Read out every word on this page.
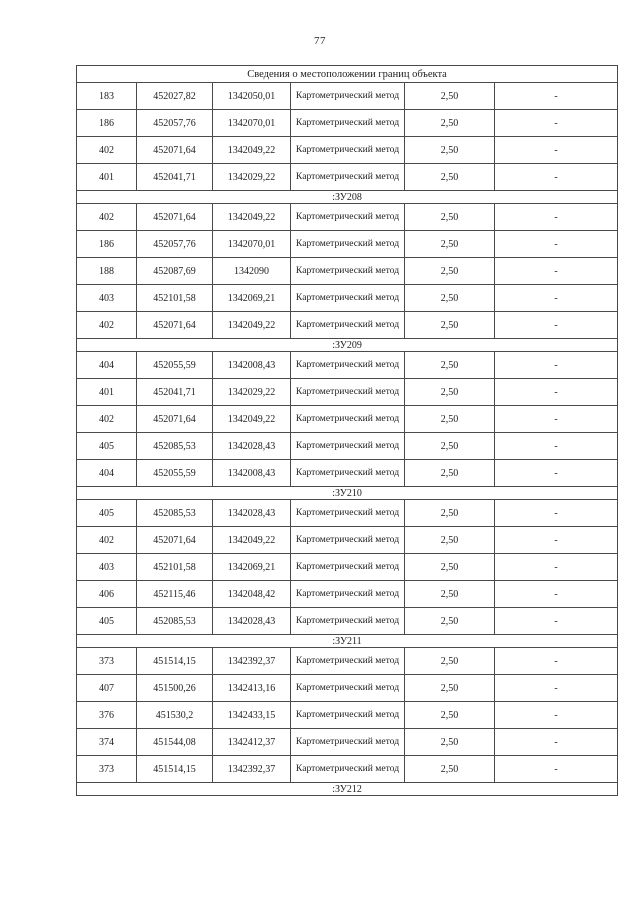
77
Сведения о местоположении границ объекта					
183	452027,82	1342050,01	Картометрический метод	2,50	-
186	452057,76	1342070,01	Картометрический метод	2,50	-
402	452071,64	1342049,22	Картометрический метод	2,50	-
401	452041,71	1342029,22	Картометрический метод	2,50	-
:ЗУ208					
402	452071,64	1342049,22	Картометрический метод	2,50	-
186	452057,76	1342070,01	Картометрический метод	2,50	-
188	452087,69	1342090	Картометрический метод	2,50	-
403	452101,58	1342069,21	Картометрический метод	2,50	-
402	452071,64	1342049,22	Картометрический метод	2,50	-
:ЗУ209					
404	452055,59	1342008,43	Картометрический метод	2,50	-
401	452041,71	1342029,22	Картометрический метод	2,50	-
402	452071,64	1342049,22	Картометрический метод	2,50	-
405	452085,53	1342028,43	Картометрический метод	2,50	-
404	452055,59	1342008,43	Картометрический метод	2,50	-
:ЗУ210					
405	452085,53	1342028,43	Картометрический метод	2,50	-
402	452071,64	1342049,22	Картометрический метод	2,50	-
403	452101,58	1342069,21	Картометрический метод	2,50	-
406	452115,46	1342048,42	Картометрический метод	2,50	-
405	452085,53	1342028,43	Картометрический метод	2,50	-
:ЗУ211					
373	451514,15	1342392,37	Картометрический метод	2,50	-
407	451500,26	1342413,16	Картометрический метод	2,50	-
376	451530,2	1342433,15	Картометрический метод	2,50	-
374	451544,08	1342412,37	Картометрический метод	2,50	-
373	451514,15	1342392,37	Картометрический метод	2,50	-
:ЗУ212					
